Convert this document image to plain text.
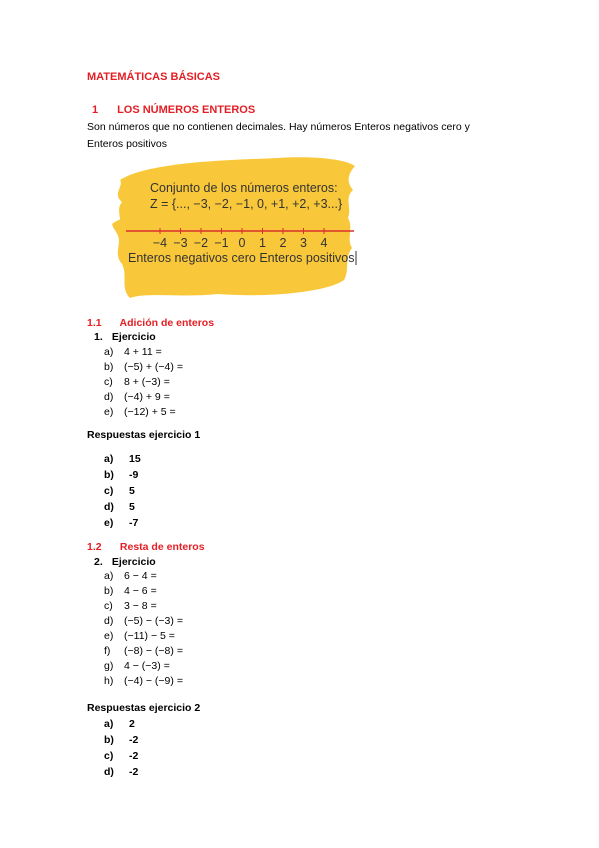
MATEMÁTICAS BÁSICAS
1 LOS NÚMEROS ENTEROS
Son números que no contienen decimales. Hay números Enteros negativos cero y Enteros positivos
Conjunto de los números enteros:
Z = {..., −3, −2, −1, 0, +1, +2, +3...}
−4 −3 −2 −1 0 1 2 3 4
Enteros negativos cero Enteros positivos
1.1 Adición de enteros
1. Ejercicio
a) 4 + 11 =
b) (−5) + (−4) =
c) 8 + (−3) =
d) (−4) + 9 =
e) (−12) + 5 =
Respuestas ejercicio 1
a) 15
b) -9
c) 5
d) 5
e) -7
1.2 Resta de enteros
2. Ejercicio
a) 6 − 4 =
b) 4 − 6 =
c) 3 − 8 =
d) (−5) − (−3) =
e) (−11) − 5 =
f) (−8) − (−8) =
g) 4 − (−3) =
h) (−4) − (−9) =
Respuestas ejercicio 2
a) 2
b) -2
c) -2
d) -2
